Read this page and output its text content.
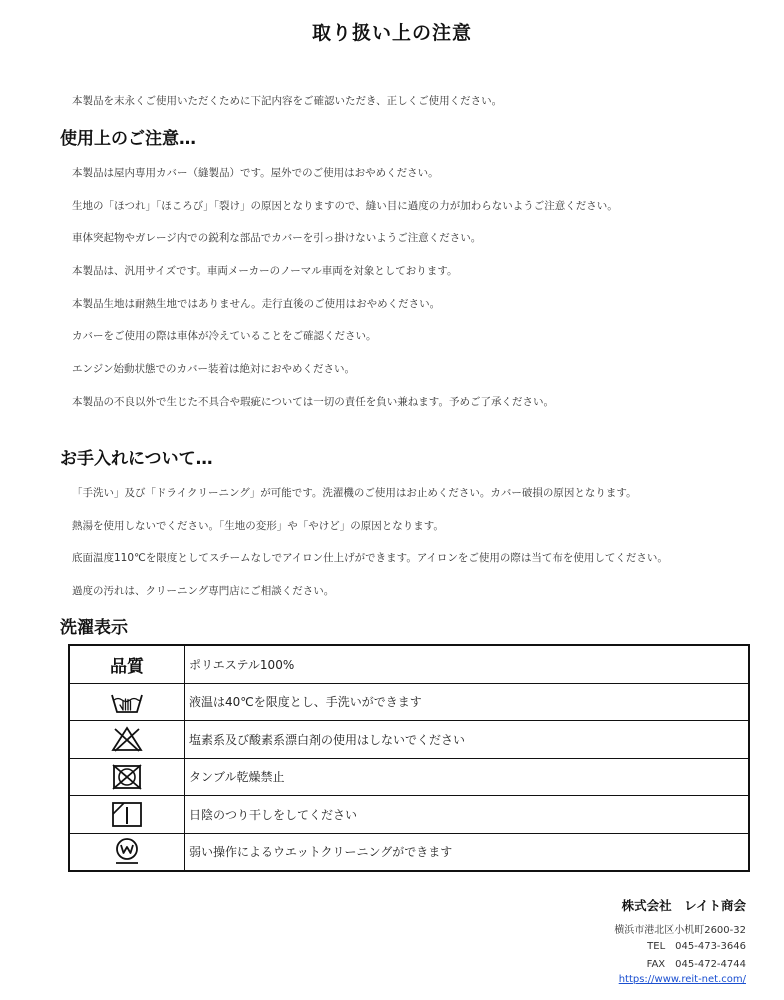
取り扱い上の注意
本製品を末永くご使用いただくために下記内容をご確認いただき、正しくご使用ください。
使用上のご注意…
本製品は屋内専用カバー（縫製品）です。屋外でのご使用はおやめください。
生地の「ほつれ」「ほころび」「裂け」の原因となりますので、縫い目に過度の力が加わらないようご注意ください。
車体突起物やガレージ内での鋭利な部品でカバーを引っ掛けないようご注意ください。
本製品は、汎用サイズです。車両メーカーのノーマル車両を対象としております。
本製品生地は耐熱生地ではありません。走行直後のご使用はおやめください。
カバーをご使用の際は車体が冷えていることをご確認ください。
エンジン始動状態でのカバー装着は絶対におやめください。
本製品の不良以外で生じた不具合や瑕疵については一切の責任を負い兼ねます。予めご了承ください。
お手入れについて…
「手洗い」及び「ドライクリーニング」が可能です。洗濯機のご使用はお止めください。カバー破損の原因となります。
熱湯を使用しないでください。「生地の変形」や「やけど」の原因となります。
底面温度110℃を限度としてスチームなしでアイロン仕上げができます。アイロンをご使用の際は当て布を使用してください。
過度の汚れは、クリーニング専門店にご相談ください。
洗濯表示
品質	ポリエステル100%

	液温は40℃を限度とし、手洗いができます

	塩素系及び酸素系漂白剤の使用はしないでください

	タンブル乾燥禁止

	日陰のつり干しをしてください

	弱い操作によるウエットクリーニングができます
株式会社　レイト商会
横浜市港北区小机町2600-32
TEL　045-473-3646
FAX　045-472-4744
https://www.reit-net.com/
